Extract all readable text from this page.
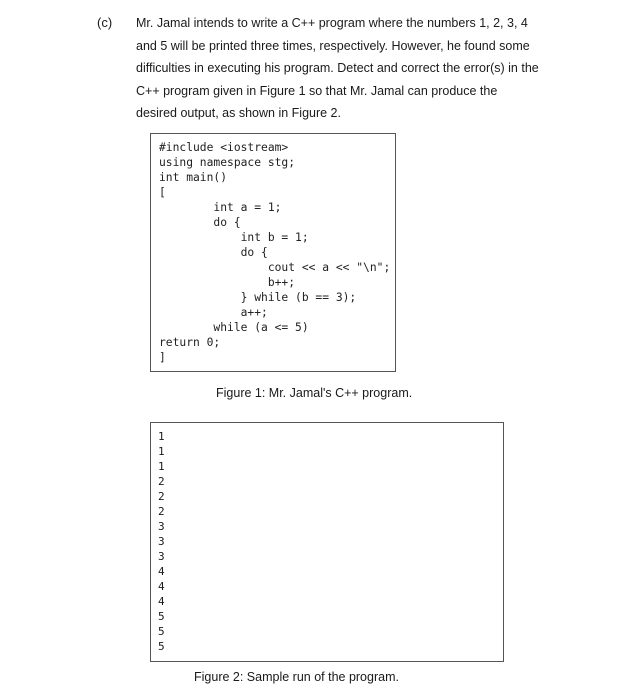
(c) Mr. Jamal intends to write a C++ program where the numbers 1, 2, 3, 4 and 5 will be printed three times, respectively. However, he found some difficulties in executing his program. Detect and correct the error(s) in the C++ program given in Figure 1 so that Mr. Jamal can produce the desired output, as shown in Figure 2.
#include <iostream>
using namespace stg;
int main()
[
int a = 1;
do {
int b = 1;
do {
cout << a << "\n";
b++;
} while (b == 3);
a++;
while (a <= 5)
return 0;
]
Figure 1: Mr. Jamal's C++ program.
1
1
1
2
2
2
3
3
3
4
4
4
5
5
5
Figure 2: Sample run of the program.
